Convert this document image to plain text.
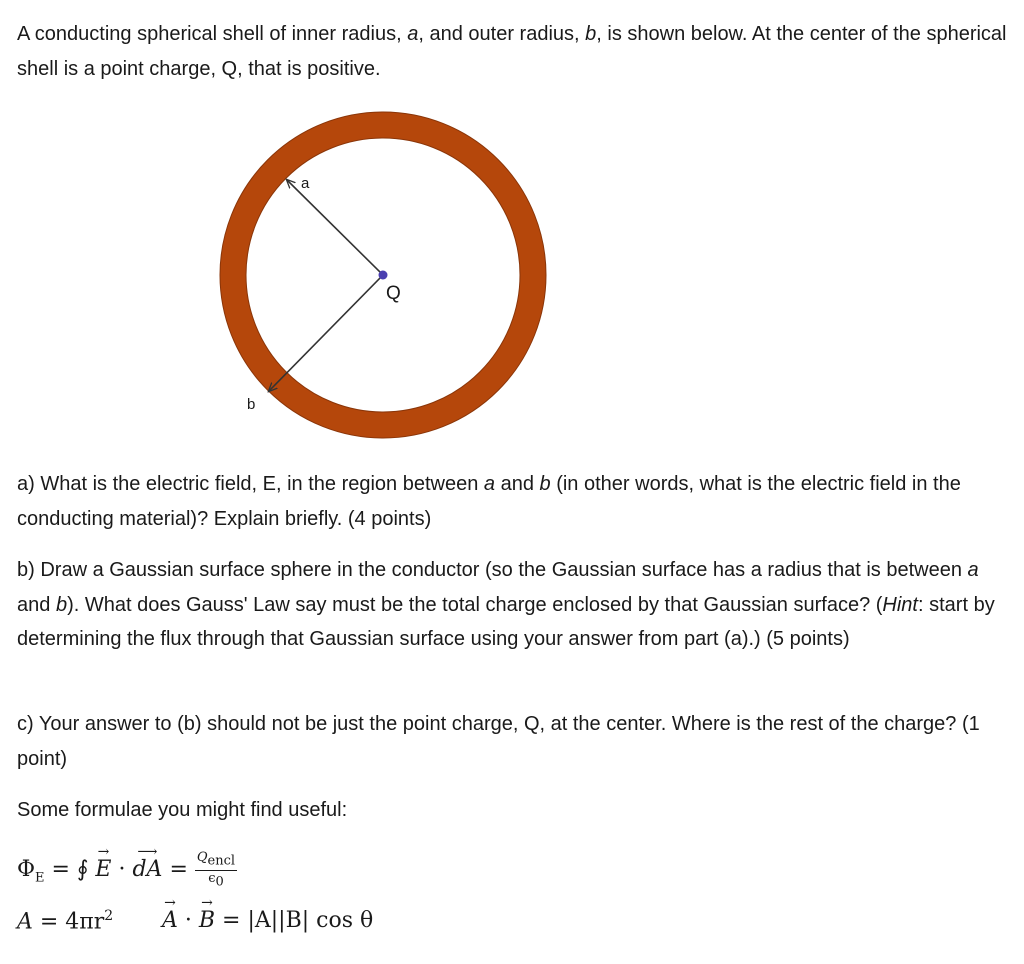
A conducting spherical shell of inner radius, a, and outer radius, b, is shown below. At the center of the spherical shell is a point charge, Q, that is positive.

a
Q
b

a) What is the electric field, E, in the region between a and b (in other words, what is the electric field in the conducting material)? Explain briefly. (4 points)

b) Draw a Gaussian surface sphere in the conductor (so the Gaussian surface has a radius that is between a and b). What does Gauss' Law say must be the total charge enclosed by that Gaussian surface? (Hint: start by determining the flux through that Gaussian surface using your answer from part (a).) (5 points)

c) Your answer to (b) should not be just the point charge, Q, at the center. Where is the rest of the charge? (1 point)

Some formulae you might find useful:

$\Phi_E$ = ∮
→
E ·
⟶
dA = $\frac{Q_{encl}}{\epsilon_0}$
$A = 4\pi r^2$
→
A ·
→
B = |A||B| cos θ
